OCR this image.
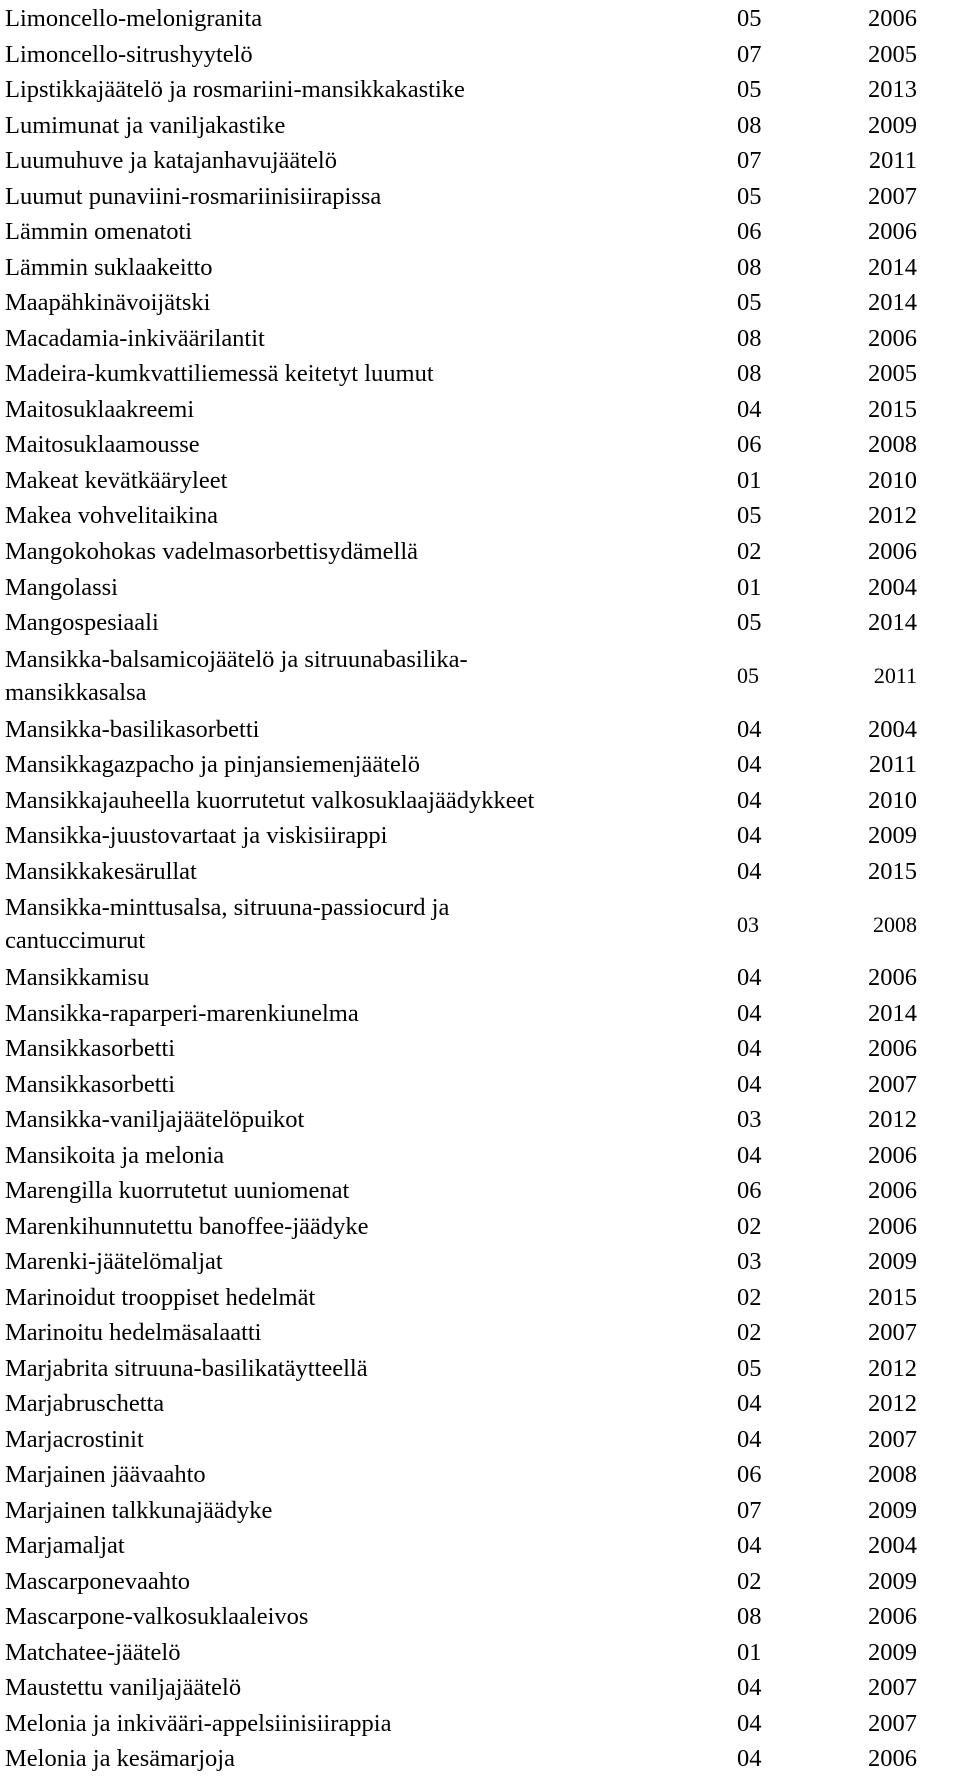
Limoncello-melonigranita	05	2006
Limoncello-sitrushyytelö	07	2005
Lipstikkajäätelö ja rosmariini-mansikkakastike	05	2013
Lumimunat ja vaniljakastike	08	2009
Luumuhuve ja katajanhavujäätelö	07	2011
Luumut punaviini-rosmariinisiirapissa	05	2007
Lämmin omenatoti	06	2006
Lämmin suklaakeitto	08	2014
Maapähkinävoijätski	05	2014
Macadamia-inkiväärilantit	08	2006
Madeira-kumkvattiliemessä keitetyt luumut	08	2005
Maitosuklaakreemi	04	2015
Maitosuklaamousse	06	2008
Makeat kevätkääryleet	01	2010
Makea vohvelitaikina	05	2012
Mangokohokas vadelmasorbettisydämellä	02	2006
Mangolassi	01	2004
Mangospesiaali	05	2014
Mansikka-balsamicojäätelö ja sitruunabasilika-
mansikkasalsa
05	2011
Mansikka-basilikasorbetti	04	2004
Mansikkagazpacho ja pinjansiemenjäätelö	04	2011
Mansikkajauheella kuorrutetut valkosuklaajäädykkeet	04	2010
Mansikka-juustovartaat ja viskisiirappi	04	2009
Mansikkakesärullat	04	2015
Mansikka-minttusalsa, sitruuna-passiocurd ja
cantuccimurut
03	2008
Mansikkamisu	04	2006
Mansikka-raparperi-marenkiunelma	04	2014
Mansikkasorbetti	04	2006
Mansikkasorbetti	04	2007
Mansikka-vaniljajäätelöpuikot	03	2012
Mansikoita ja melonia	04	2006
Marengilla kuorrutetut uuniomenat	06	2006
Marenkihunnutettu banoffee-jäädyke	02	2006
Marenki-jäätelömaljat	03	2009
Marinoidut trooppiset hedelmät	02	2015
Marinoitu hedelmäsalaatti	02	2007
Marjabrita sitruuna-basilikatäytteellä	05	2012
Marjabruschetta	04	2012
Marjacrostinit	04	2007
Marjainen jäävaahto	06	2008
Marjainen talkkunajäädyke	07	2009
Marjamaljat	04	2004
Mascarponevaahto	02	2009
Mascarpone-valkosuklaaleivos	08	2006
Matchatee-jäätelö	01	2009
Maustettu vaniljajäätelö	04	2007
Melonia ja inkivääri-appelsiinisiirappia	04	2007
Melonia ja kesämarjoja	04	2006
